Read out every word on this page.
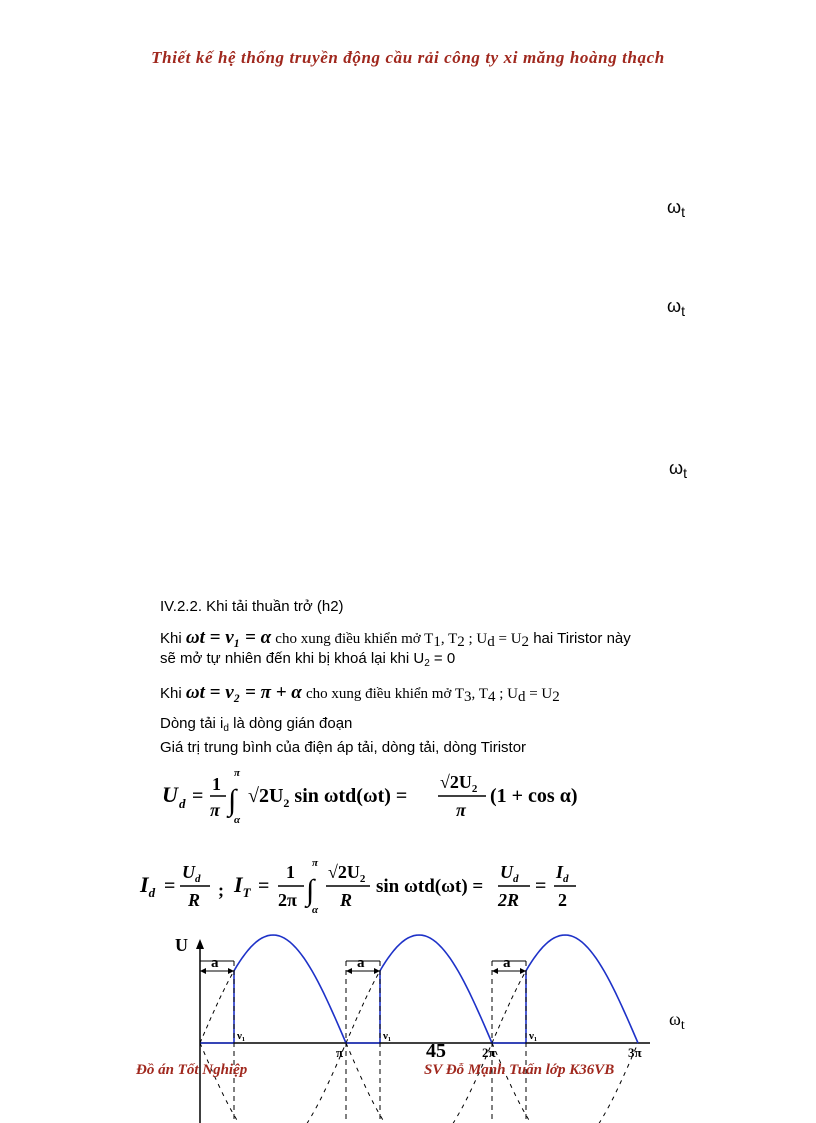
Thiết kế hệ thống truyền động cầu rải công ty xi măng hoàng thạch
$\omega_t$
$\omega_t$
$\omega_t$
IV.2.2. Khi tải thuần trở (h2)
Khi ωt = ν₁ = α cho xung điều khiển mở T1, T2 ; Ud = U2 hai Tiristor này
sẽ mở tự nhiên đến khi bị khoá lại khi $U_2 = 0$
Khi ωt = ν₂ = π + α cho xung điều khiển mở T3, T4 ; Ud = U2
Dòng tải $i_d$ là dòng gián đoạn
Giá trị trung bình của điện áp tải, dòng tải, dòng Tiristor
U d =
1
π
π
∫
α
$√2U_2$ sin ωtd(ωt) =
$√2U_2$
π
(1 + cos α)
$I_d$ =
$U_d$
R ; $I_T$ =
1
2π
π
∫
α
$√2U_2$
R
sin ωtd(ωt) =
$U_d$
2R
=
$I_d$
2
U
a
ν₁
π
a
ν₁
2π
a
ν₁
3π
$\omega_t$
45
Đồ án Tốt Nghiệp	SV Đỗ Mạnh Tuấn lớp K36VB
